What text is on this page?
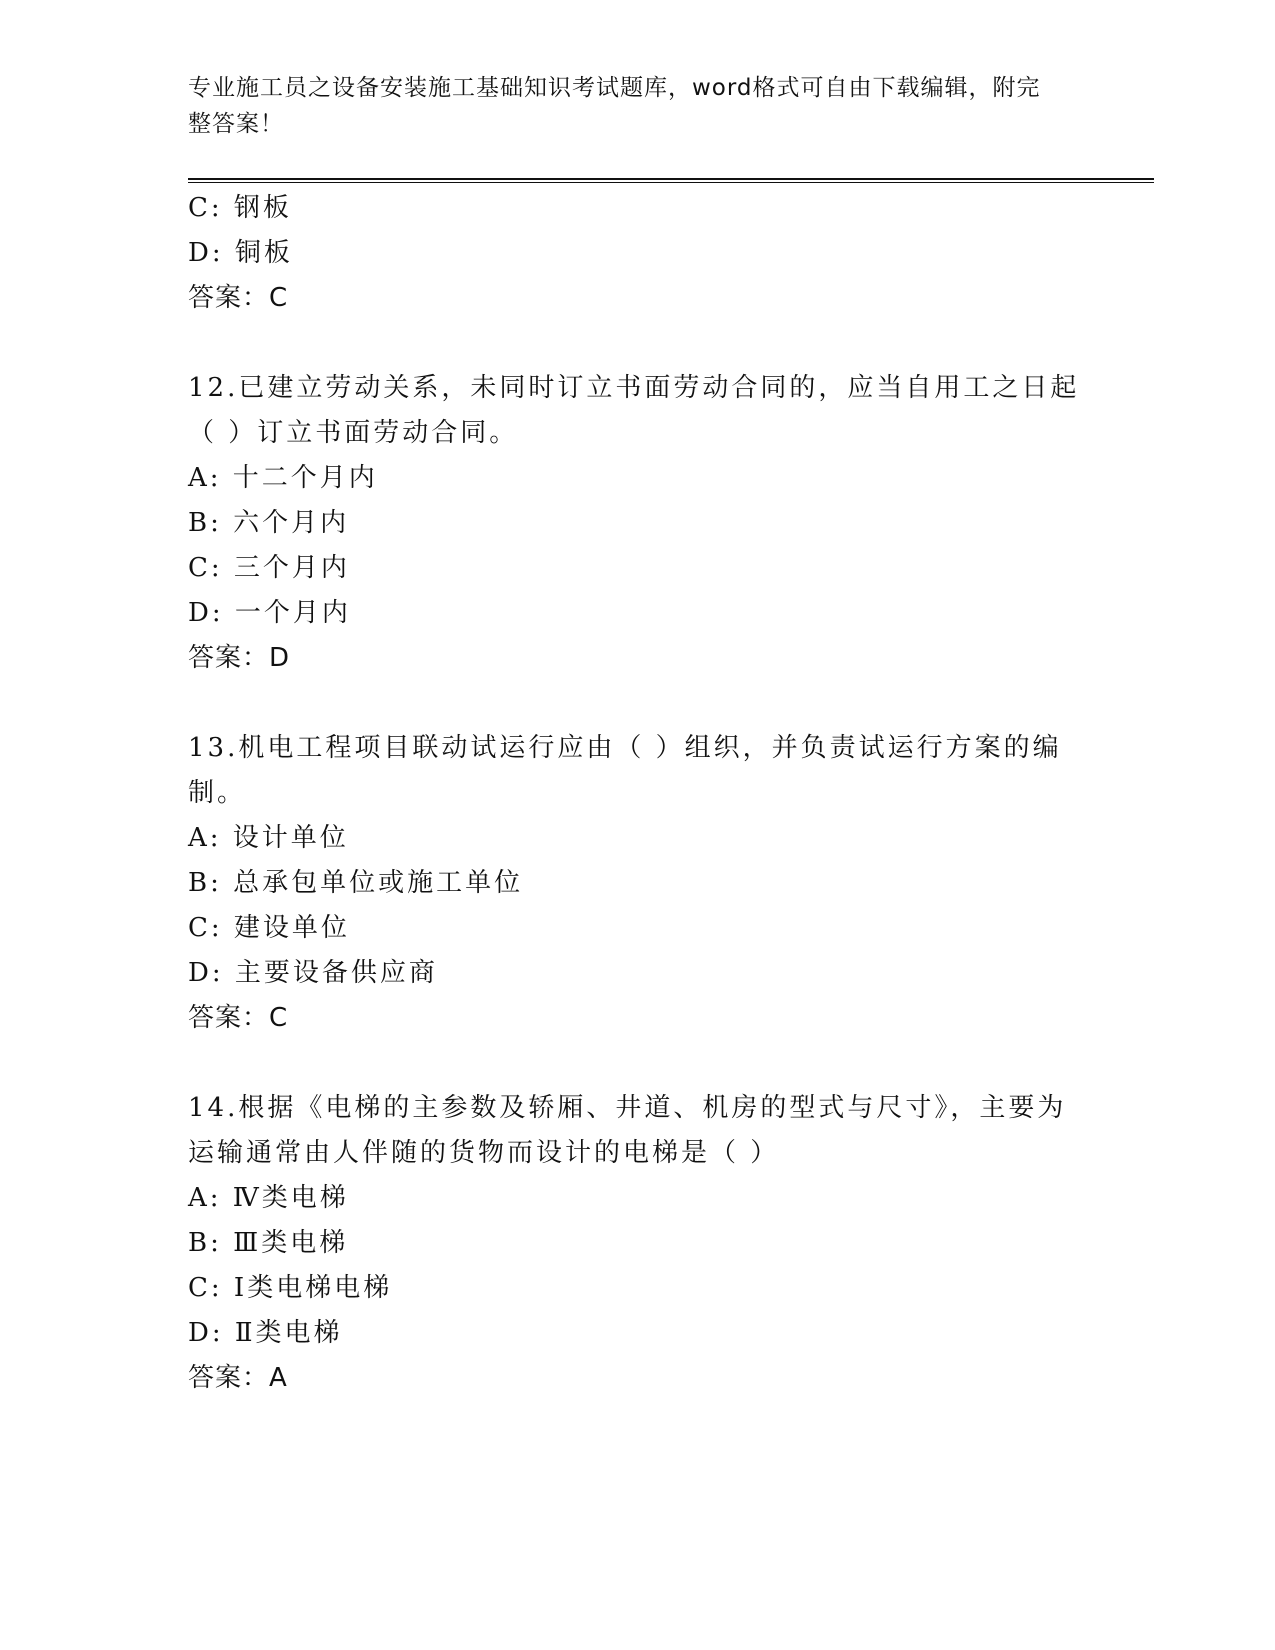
专业施工员之设备安装施工基础知识考试题库，word格式可自由下载编辑，附完
整答案！
C: 钢板
D: 铜板
答案：C
12.已建立劳动关系，未同时订立书面劳动合同的，应当自用工之日起
（ ）订立书面劳动合同。
A: 十二个月内
B: 六个月内
C: 三个月内
D: 一个月内
答案：D
13.机电工程项目联动试运行应由（ ）组织，并负责试运行方案的编
制。
A: 设计单位
B: 总承包单位或施工单位
C: 建设单位
D: 主要设备供应商
答案：C
14.根据《电梯的主参数及轿厢、井道、机房的型式与尺寸》，主要为
运输通常由人伴随的货物而设计的电梯是（ ）
A: Ⅳ类电梯
B: Ⅲ类电梯
C: Ⅰ类电梯电梯
D: Ⅱ类电梯
答案：A
